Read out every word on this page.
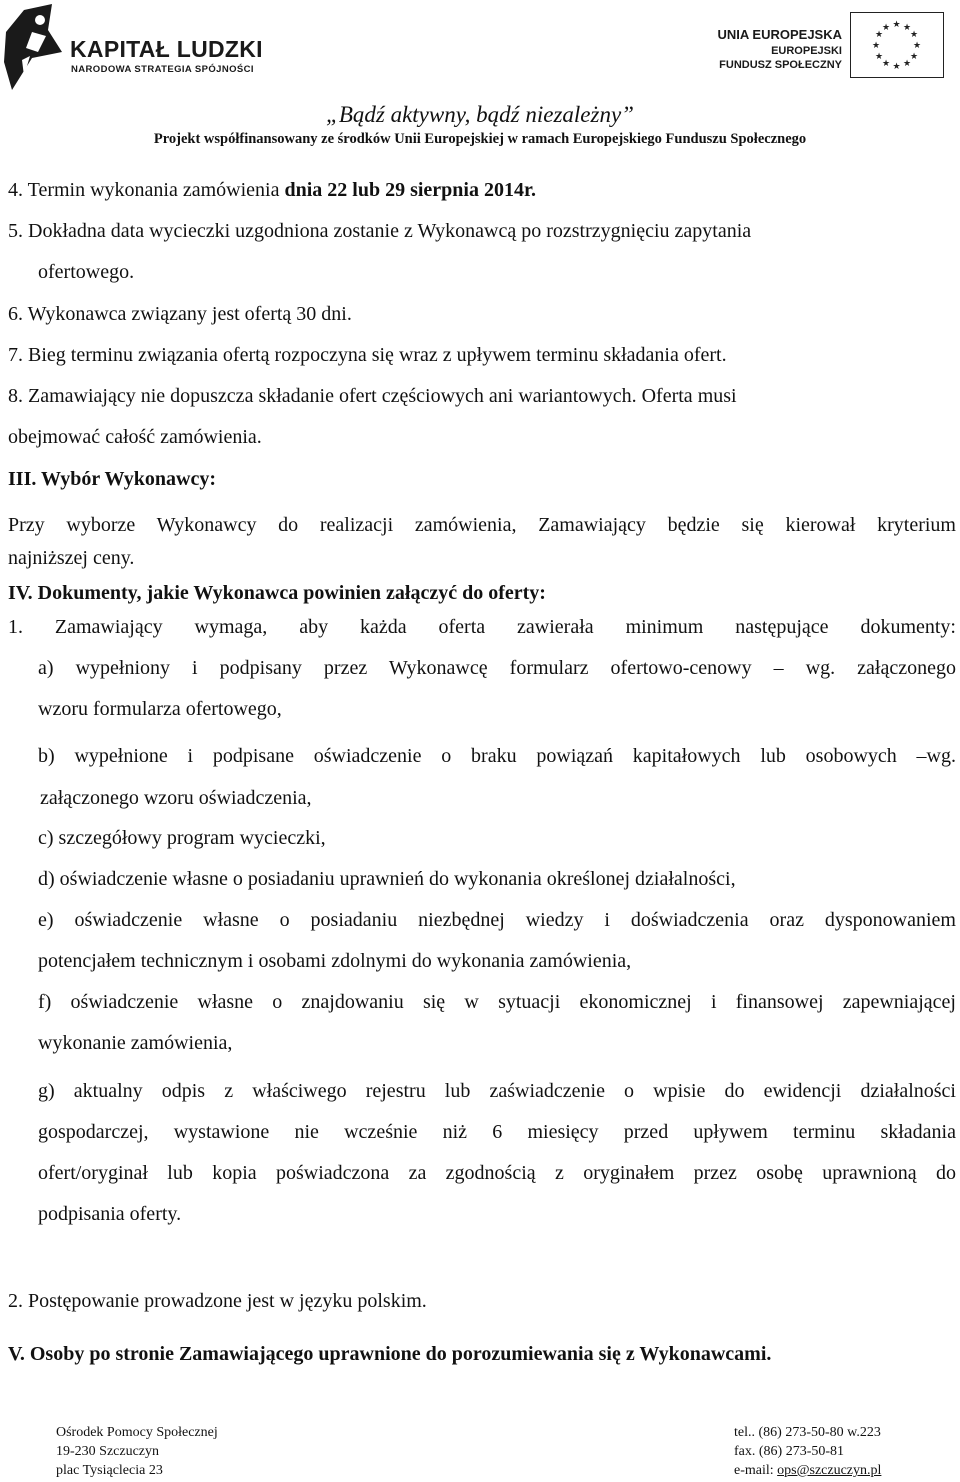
KAPITAŁ LUDZKI
NARODOWA STRATEGIA SPÓJNOŚCI
UNIA EUROPEJSKA
EUROPEJSKI
FUNDUSZ SPOŁECZNY
★ ★
★
★
★
★
★
★
★
★
★
★
„Bądź aktywny, bądź niezależny”
Projekt współfinansowany ze środków Unii Europejskiej w ramach Europejskiego Funduszu Społecznego
4. Termin wykonania zamówienia dnia 22 lub 29 sierpnia 2014r.
5. Dokładna data wycieczki uzgodniona zostanie z Wykonawcą po rozstrzygnięciu zapytania
ofertowego.
6. Wykonawca związany jest ofertą 30 dni.
7. Bieg terminu związania ofertą rozpoczyna się wraz z upływem terminu składania ofert.
8. Zamawiający nie dopuszcza składanie ofert częściowych ani wariantowych. Oferta musi
obejmować całość zamówienia.
III. Wybór Wykonawcy:
Przy wyborze Wykonawcy do realizacji zamówienia, Zamawiający będzie się kierował kryterium
najniższej ceny.
IV. Dokumenty, jakie Wykonawca powinien załączyć do oferty:
1. Zamawiający wymaga, aby każda oferta zawierała minimum następujące dokumenty:
a) wypełniony i podpisany przez Wykonawcę formularz ofertowo-cenowy – wg. załączonego
wzoru formularza ofertowego,
b) wypełnione i podpisane oświadczenie o braku powiązań kapitałowych lub osobowych –wg.
załączonego wzoru oświadczenia,
c) szczegółowy program wycieczki,
d) oświadczenie własne o posiadaniu uprawnień do wykonania określonej działalności,
e) oświadczenie własne o posiadaniu niezbędnej wiedzy i doświadczenia oraz dysponowaniem
potencjałem technicznym i osobami zdolnymi do wykonania zamówienia,
f) oświadczenie własne o znajdowaniu się w sytuacji ekonomicznej i finansowej zapewniającej
wykonanie zamówienia,
g) aktualny odpis z właściwego rejestru lub zaświadczenie o wpisie do ewidencji działalności
gospodarczej, wystawione nie wcześnie niż 6 miesięcy przed upływem terminu składania
ofert/oryginał lub kopia poświadczona za zgodnością z oryginałem przez osobę uprawnioną do
podpisania oferty.
2. Postępowanie prowadzone jest w języku polskim.
V. Osoby po stronie Zamawiającego uprawnione do porozumiewania się z Wykonawcami.
Ośrodek Pomocy Społecznej
19-230 Szczuczyn
plac Tysiąclecia 23
tel.. (86) 273-50-80 w.223
fax. (86) 273-50-81
e-mail: ops@szczuczyn.pl
